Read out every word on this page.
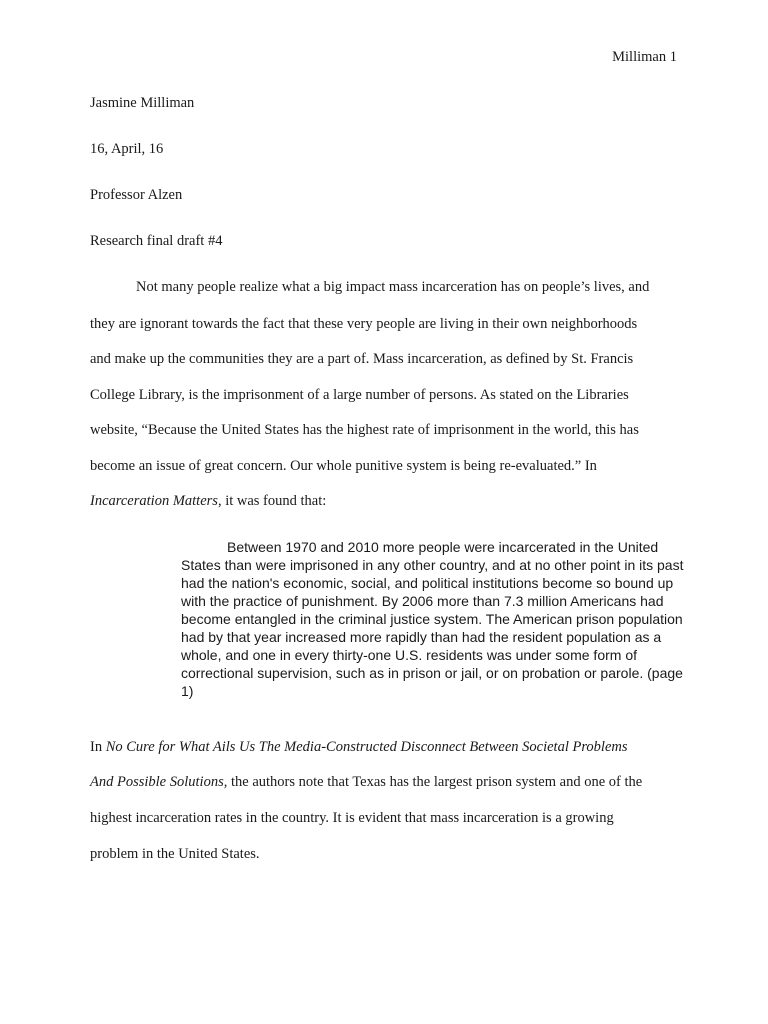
Milliman 1
Jasmine Milliman
16, April, 16
Professor Alzen
Research final draft #4
Not many people realize what a big impact mass incarceration has on people’s lives, and
they are ignorant towards the fact that these very people are living in their own neighborhoods
and make up the communities they are a part of. Mass incarceration, as defined by St. Francis
College Library, is the imprisonment of a large number of persons. As stated on the Libraries
website, “Because the United States has the highest rate of imprisonment in the world, this has
become an issue of great concern. Our whole punitive system is being re-evaluated.” In
Incarceration Matters, it was found that:
Between 1970 and 2010 more people were incarcerated in the United
States than were imprisoned in any other country, and at no other point in its past
had the nation's economic, social, and political institutions become so bound up
with the practice of punishment. By 2006 more than 7.3 million Americans had
become entangled in the criminal justice system. The American prison population
had by that year increased more rapidly than had the resident population as a
whole, and one in every thirty-one U.S. residents was under some form of
correctional supervision, such as in prison or jail, or on probation or parole. (page
1)
In No Cure for What Ails Us The Media-Constructed Disconnect Between Societal Problems
And Possible Solutions, the authors note that Texas has the largest prison system and one of the
highest incarceration rates in the country. It is evident that mass incarceration is a growing
problem in the United States.
